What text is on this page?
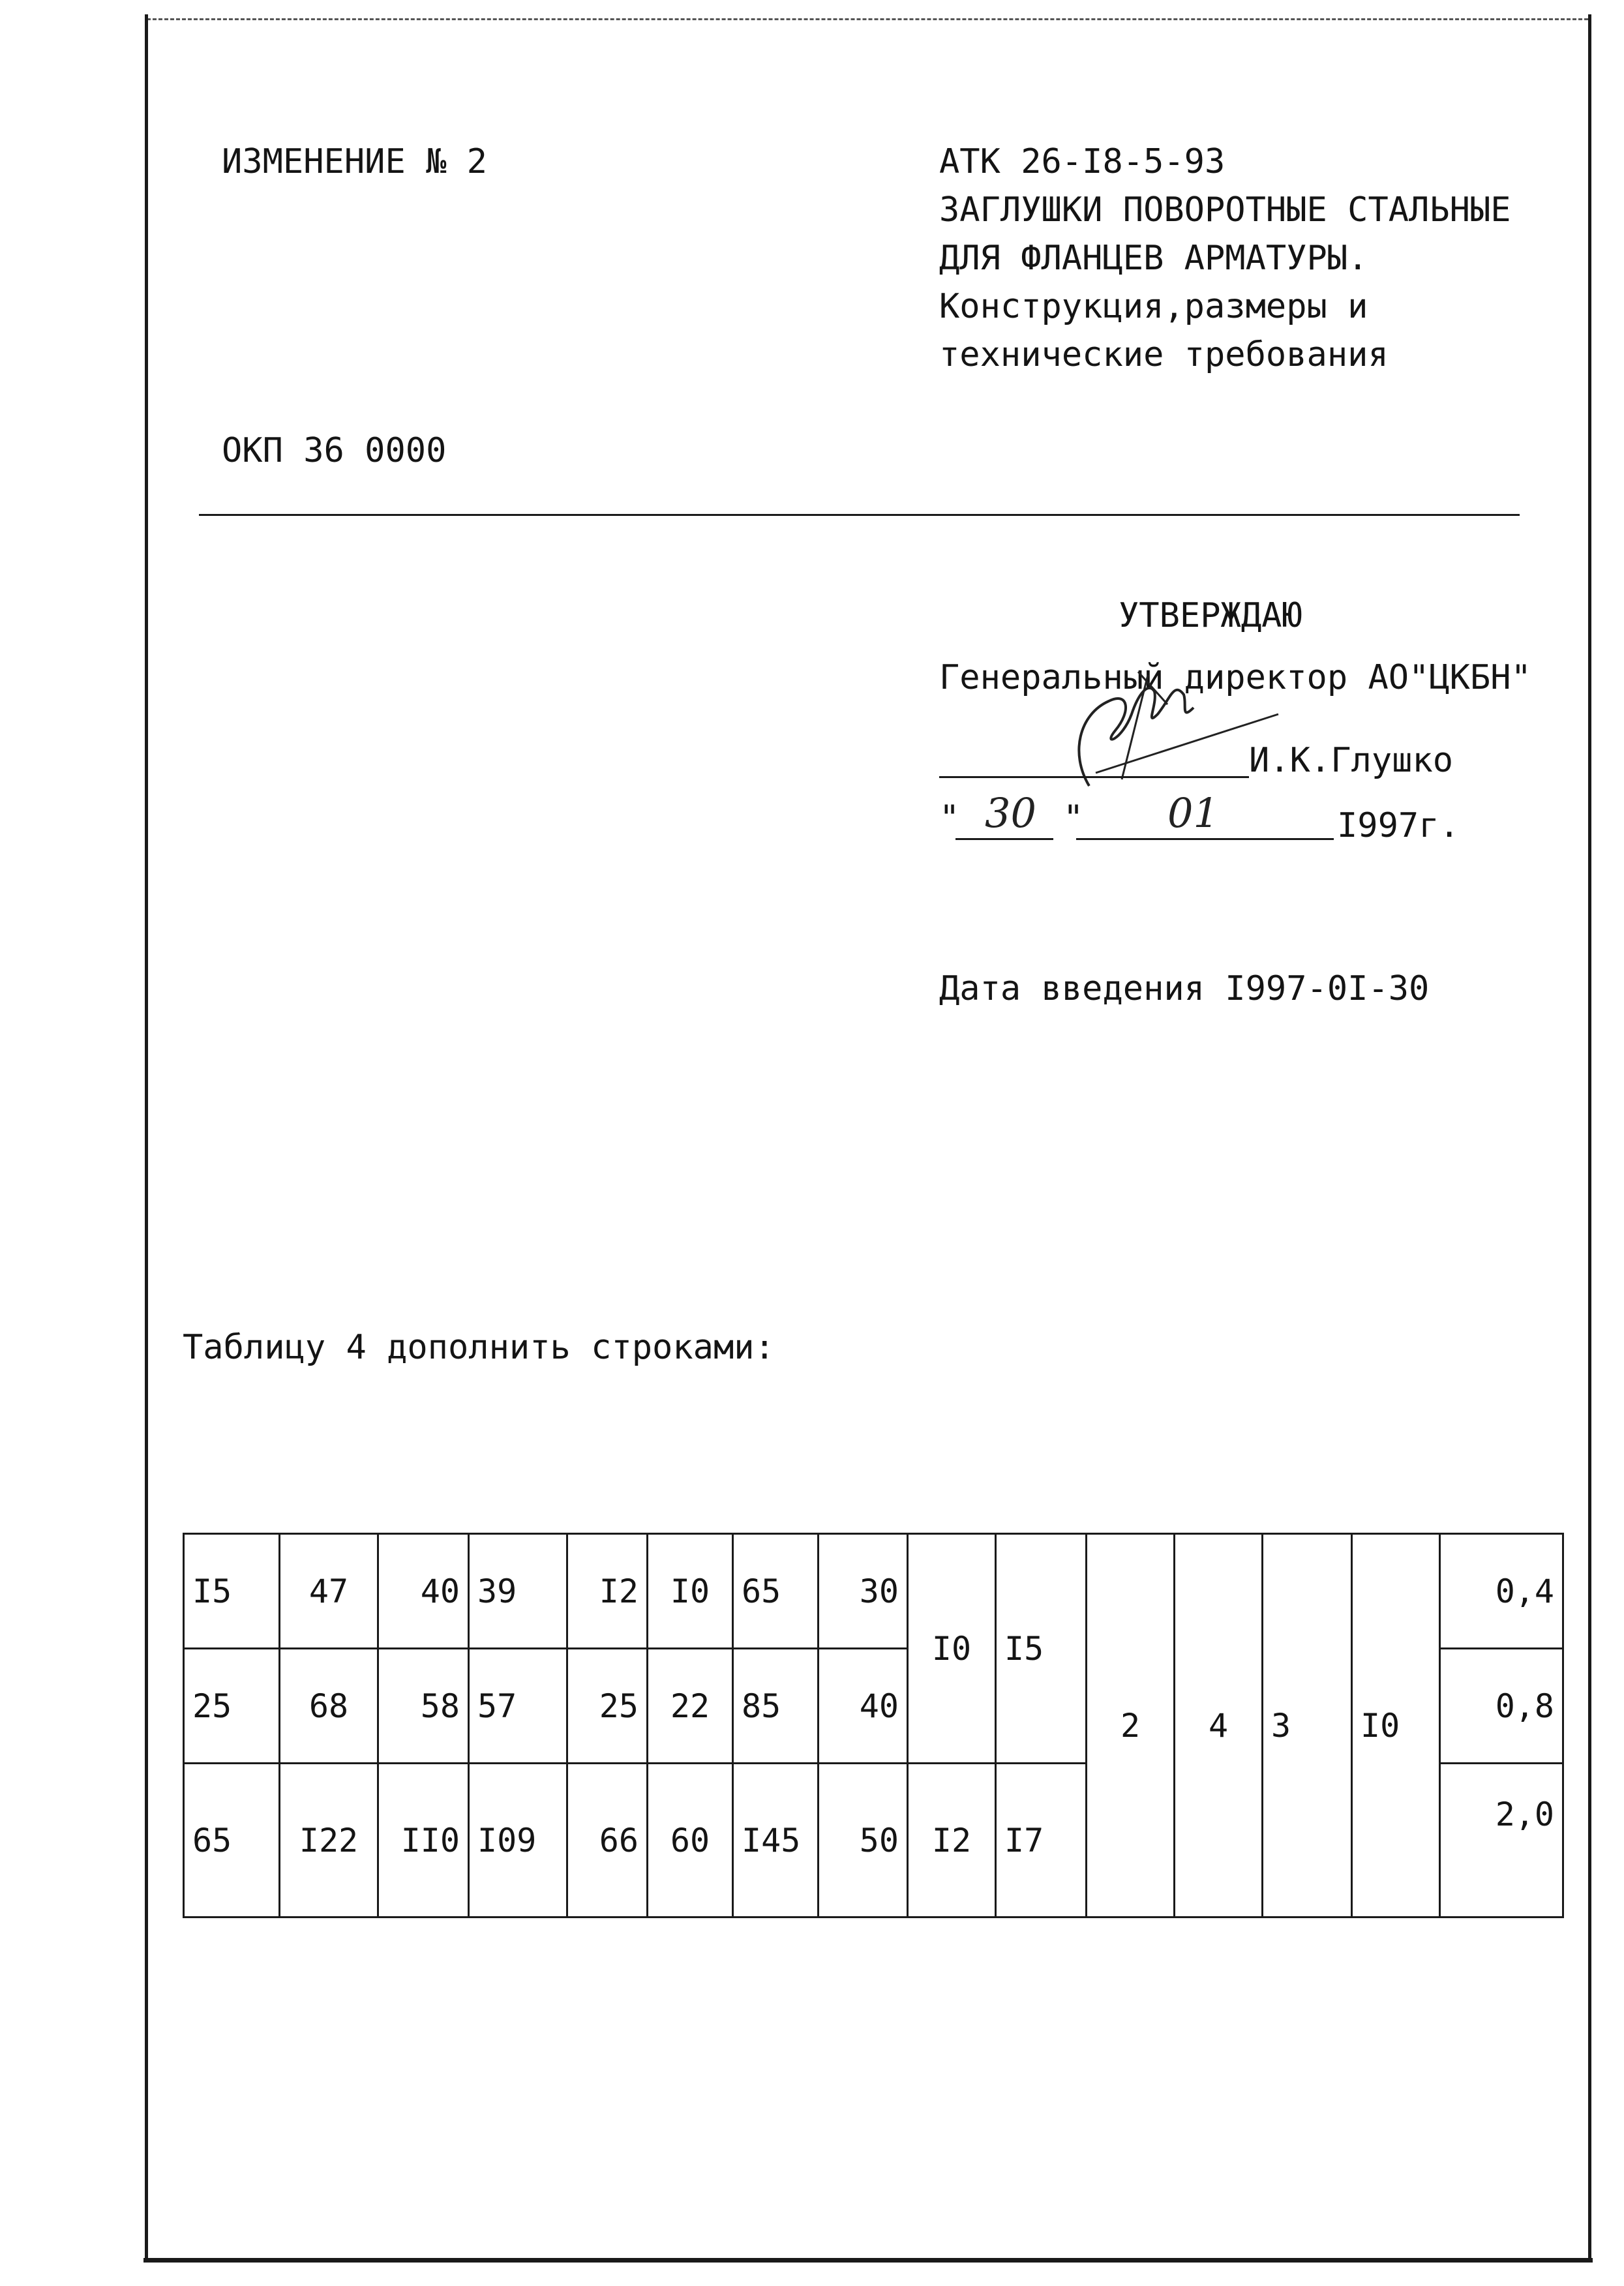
ИЗМЕНЕНИЕ № 2	АТК 26-I8-5-93
ЗАГЛУШКИ ПОВОРОТНЫЕ СТАЛЬНЫЕ
ДЛЯ ФЛАНЦЕВ АРМАТУРЫ.
Конструкция,размеры и
технические требования
ОКП 36 0000
УТВЕРЖДАЮ
Генеральный директор АО"ЦКБН"
И.К.Глушко
" 30 " 01	I997г.
Дата введения I997-0I-30
Таблицу 4 дополнить строками:
I5	47	40	39	I2	I0	65	30	I0	I5	2	4	3	I0	0,4
25	68	58	57	25	22	85	40							0,8
65	I22	II0	I09	66	60	I45	50	I2	I7					2,0
